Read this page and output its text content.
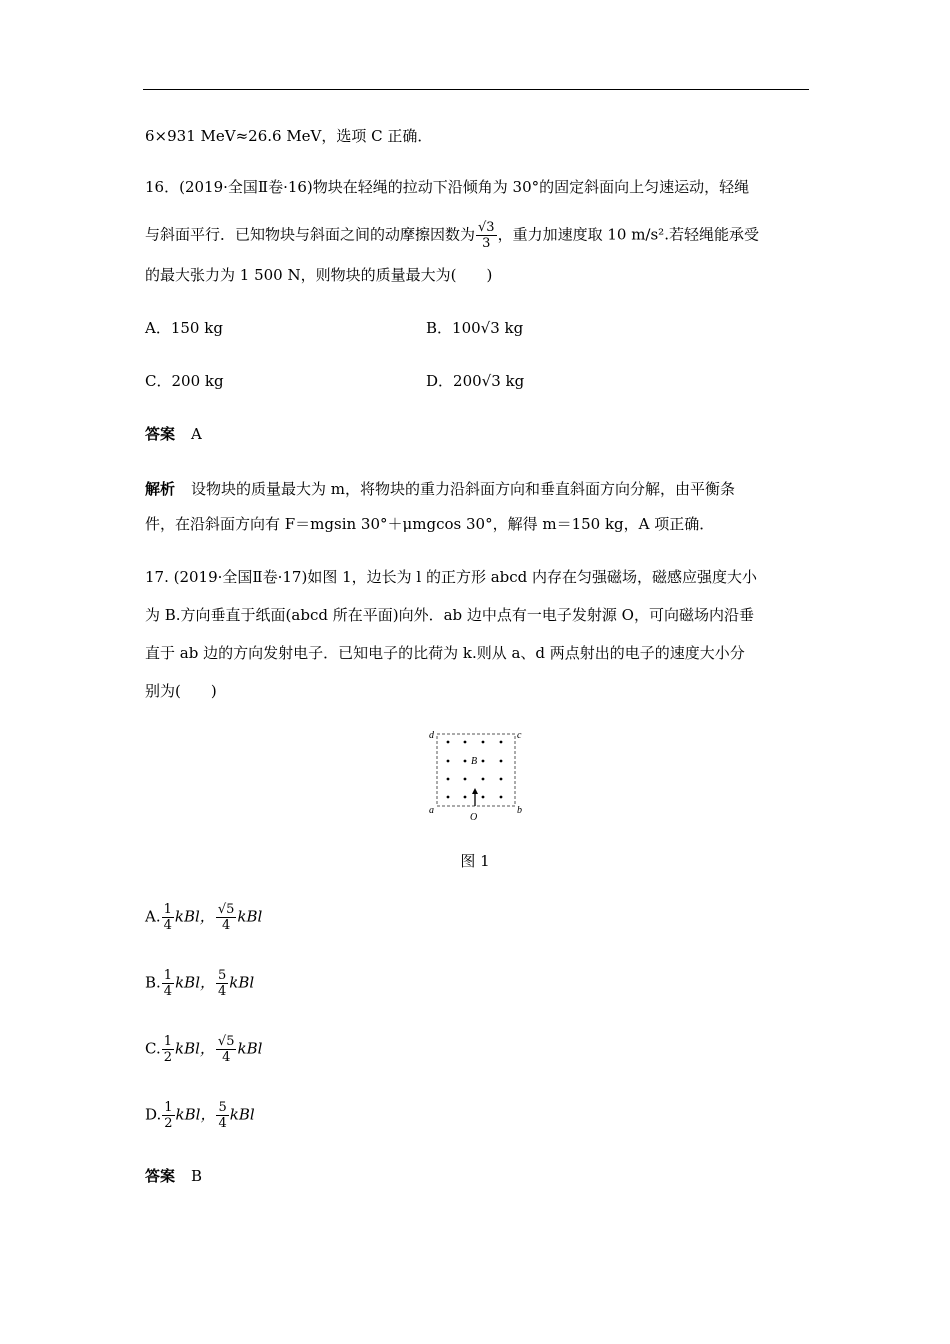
6×931 MeV≈26.6 MeV，选项 C 正确．
16．(2019·全国Ⅱ卷·16)物块在轻绳的拉动下沿倾角为 30°的固定斜面向上匀速运动，轻绳
与斜面平行．已知物块与斜面之间的动摩擦因数为 $\frac{√3}{3}$ ，重力加速度取 10 m/s².若轻绳能承受
的最大张力为 1 500 N，则物块的质量最大为(　　)
A．150 kg	B．100√3 kg
C．200 kg	D．200√3 kg
答案 A
解析 设物块的质量最大为 m，将物块的重力沿斜面方向和垂直斜面方向分解，由平衡条
件，在沿斜面方向有 F＝mgsin 30°＋μmgcos 30°，解得 m＝150 kg，A 项正确．
17. (2019·全国Ⅱ卷·17)如图 1，边长为 l 的正方形 abcd 内存在匀强磁场，磁感应强度大小
为 B.方向垂直于纸面(abcd 所在平面)向外．ab 边中点有一电子发射源 O，可向磁场内沿垂
直于 ab 边的方向发射电子．已知电子的比荷为 k.则从 a、d 两点射出的电子的速度大小分
别为(　　)
d	c
a	b
B
O
图 1
A. $\frac{1}{4}$ kBl， $\frac{√5}{4}$ kBl
B. $\frac{1}{4}$ kBl， $\frac{5}{4}$ kBl
C. $\frac{1}{2}$ kBl， $\frac{√5}{4}$ kBl
D. $\frac{1}{2}$ kBl， $\frac{5}{4}$ kBl
答案 B
